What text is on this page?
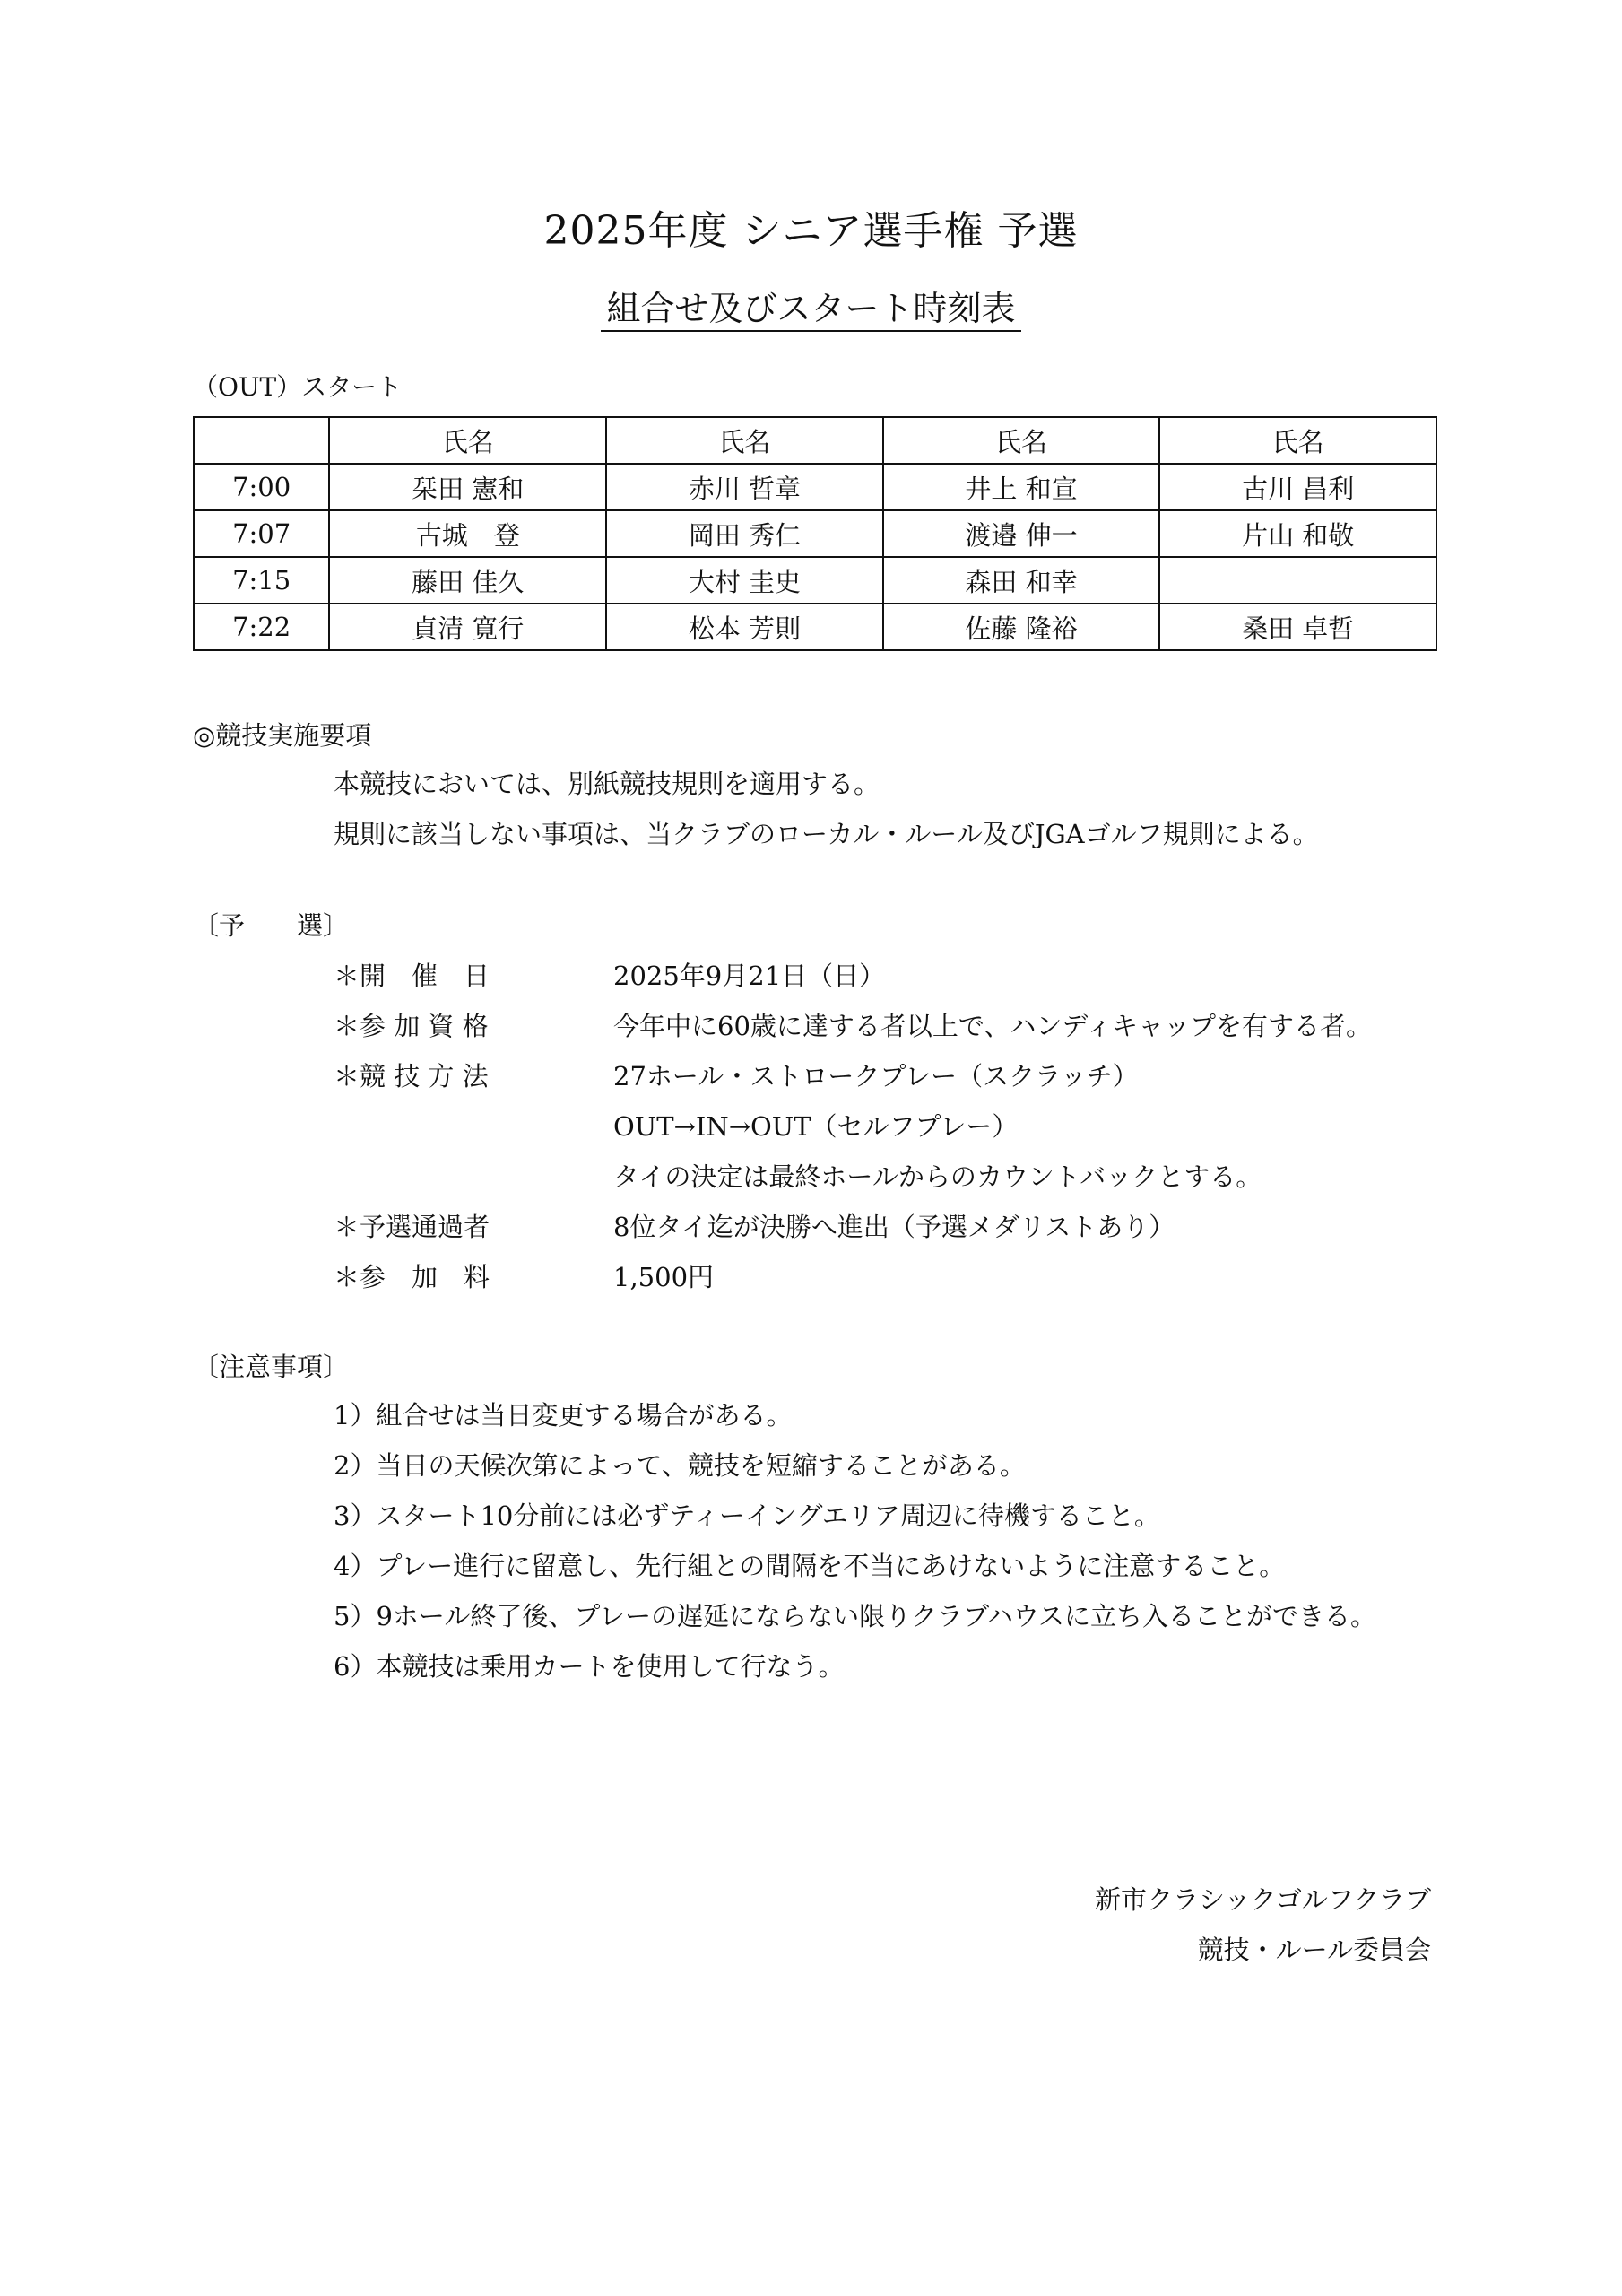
2025年度 シニア選手権 予選
組合せ及びスタート時刻表
（OUT）スタート
	氏名	氏名	氏名	氏名
7:00	栞田 憲和	赤川 哲章	井上 和宣	古川 昌利
7:07	古城　登	岡田 秀仁	渡邉 伸一	片山 和敬
7:15	藤田 佳久	大村 圭史	森田 和幸	
7:22	貞清 寛行	松本 芳則	佐藤 隆裕	桑田 卓哲
◎競技実施要項
本競技においては、別紙競技規則を適用する。
規則に該当しない事項は、当クラブのローカル・ルール及びJGAゴルフ規則による。
〔予　　選〕
＊開　催　日	2025年9月21日（日）
＊参 加 資 格	今年中に60歳に達する者以上で、ハンディキャップを有する者。
＊競 技 方 法	27ホール・ストロークプレー（スクラッチ）
OUT→IN→OUT（セルフプレー）
タイの決定は最終ホールからのカウントバックとする。
＊予選通過者	8位タイ迄が決勝へ進出（予選メダリストあり）
＊参　加　料	1,500円
〔注意事項〕
1）組合せは当日変更する場合がある。
2）当日の天候次第によって、競技を短縮することがある。
3）スタート10分前には必ずティーイングエリア周辺に待機すること。
4）プレー進行に留意し、先行組との間隔を不当にあけないように注意すること。
5）9ホール終了後、プレーの遅延にならない限りクラブハウスに立ち入ることができる。
6）本競技は乗用カートを使用して行なう。
新市クラシックゴルフクラブ
競技・ルール委員会
